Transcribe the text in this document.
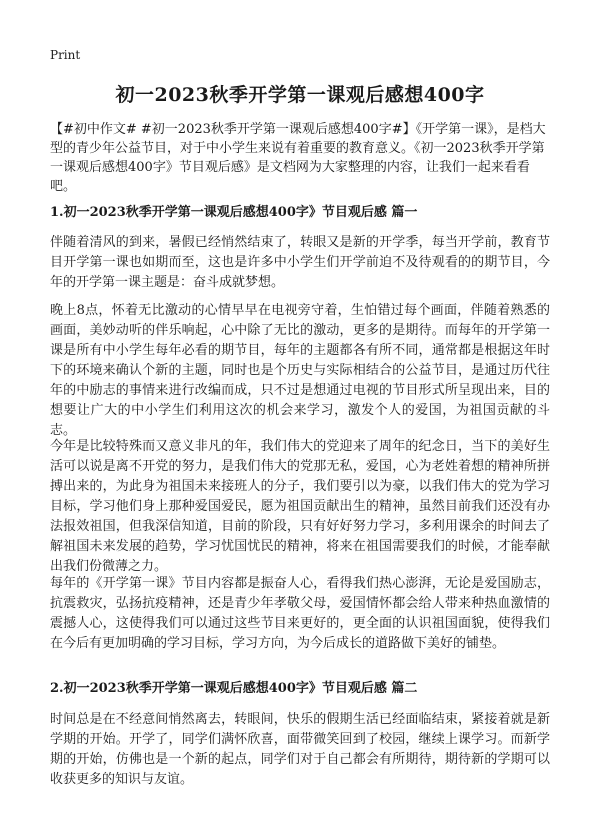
Print
初一2023秋季开学第一课观后感想400字

【#初中作文# #初一2023秋季开学第一课观后感想400字#】《开学第一课》，是档大型的青少年公益节目，对于中小学生来说有着重要的教育意义。《初一2023秋季开学第一课观后感想400字》节目观后感》是文档网为大家整理的内容，让我们一起来看看吧。

1.初一2023秋季开学第一课观后感想400字》节目观后感 篇一

伴随着清风的到来，暑假已经悄然结束了，转眼又是新的开学季，每当开学前，教育节目开学第一课也如期而至，这也是许多中小学生们开学前迫不及待观看的的期节目，今年的开学第一课主题是：奋斗成就梦想。

晚上8点，怀着无比激动的心情早早在电视旁守着，生怕错过每个画面，伴随着熟悉的画面，美妙动听的伴乐响起，心中除了无比的激动，更多的是期待。而每年的开学第一课是所有中小学生每年必看的期节目，每年的主题都各有所不同，通常都是根据这年时下的环境来确认个新的主题，同时也是个历史与实际相结合的公益节目，是通过历代往年的中励志的事情来进行改编而成，只不过是想通过电视的节目形式所呈现出来，目的想要让广大的中小学生们利用这次的机会来学习，激发个人的爱国，为祖国贡献的斗志。

今年是比较特殊而又意义非凡的年，我们伟大的党迎来了周年的纪念日，当下的美好生活可以说是离不开党的努力，是我们伟大的党那无私，爱国，心为老姓着想的精神所拼搏出来的，为此身为祖国未来接班人的分子，我们要引以为豪，以我们伟大的党为学习目标，学习他们身上那种爱国爱民，愿为祖国贡献出生的精神，虽然目前我们还没有办法报效祖国，但我深信知道，目前的阶段，只有好好努力学习，多利用课余的时间去了解祖国未来发展的趋势，学习忧国忧民的精神，将来在祖国需要我们的时候，才能奉献出我们份微薄之力。

每年的《开学第一课》节目内容都是振奋人心，看得我们热心澎湃，无论是爱国励志，抗震救灾，弘扬抗疫精神，还是青少年孝敬父母，爱国情怀都会给人带来种热血激情的震撼人心，这使得我们可以通过这些节目来更好的，更全面的认识祖国面貌，使得我们在今后有更加明确的学习目标，学习方向，为今后成长的道路做下美好的铺垫。

2.初一2023秋季开学第一课观后感想400字》节目观后感 篇二

时间总是在不经意间悄然离去，转眼间，快乐的假期生活已经面临结束，紧接着就是新学期的开始。开学了，同学们满怀欣喜，面带微笑回到了校园，继续上课学习。而新学期的开始，仿佛也是一个新的起点，同学们对于自己都会有所期待，期待新的学期可以收获更多的知识与友谊。
